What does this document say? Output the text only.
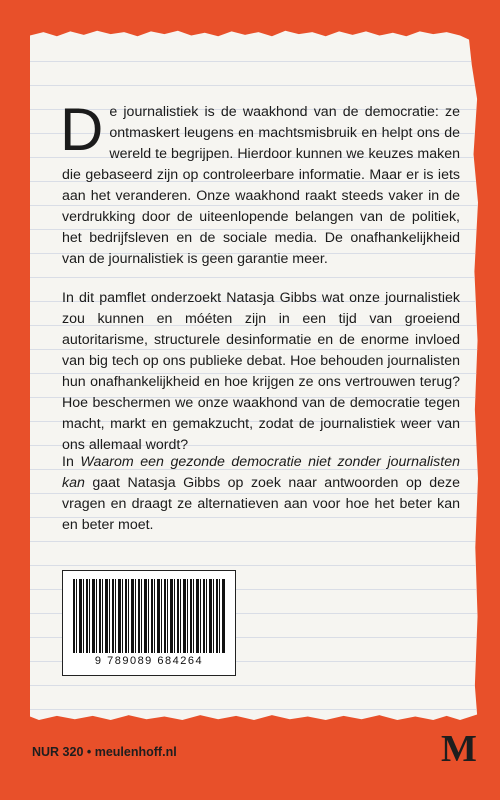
De journalistiek is de waakhond van de democratie: ze ontmaskert leugens en machtsmisbruik en helpt ons de wereld te begrijpen. Hierdoor kunnen we keuzes maken die gebaseerd zijn op controleerbare informatie. Maar er is iets aan het veranderen. Onze waakhond raakt steeds vaker in de verdrukking door de uiteenlopende belangen van de politiek, het bedrijfsleven en de sociale media. De onafhankelijkheid van de journalistiek is geen garantie meer.

In dit pamflet onderzoekt Natasja Gibbs wat onze journalistiek zou kunnen en móéten zijn in een tijd van groeiend autoritarisme, structurele desinformatie en de enorme invloed van big tech op ons publieke debat. Hoe behouden journalisten hun onafhankelijkheid en hoe krijgen ze ons vertrouwen terug? Hoe beschermen we onze waakhond van de democratie tegen macht, markt en gemakzucht, zodat de journalistiek weer van ons allemaal wordt?

In Waarom een gezonde democratie niet zonder journalisten kan gaat Natasja Gibbs op zoek naar antwoorden op deze vragen en draagt ze alternatieven aan voor hoe het beter kan en beter moet.

9 789089 684264
NUR 320 • meulenhoff.nl	M
